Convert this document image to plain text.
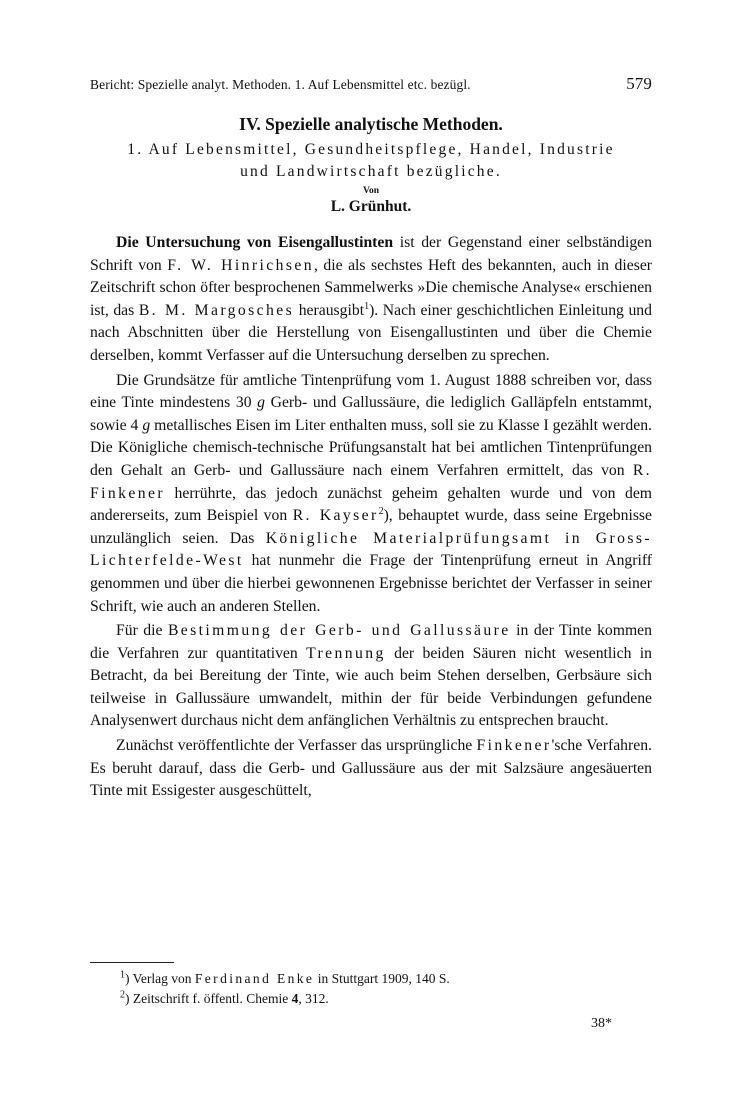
Bericht: Spezielle analyt. Methoden. 1. Auf Lebensmittel etc. bezügl.	579
IV. Spezielle analytische Methoden.
1. Auf Lebensmittel, Gesundheitspflege, Handel, Industrie
und Landwirtschaft bezügliche.
Von
L. Grünhut.

Die Untersuchung von Eisengallustinten ist der Gegenstand einer selbständigen Schrift von F. W. Hinrichsen, die als sechstes Heft des bekannten, auch in dieser Zeitschrift schon öfter besprochenen Sammelwerks »Die chemische Analyse« erschienen ist, das B. M. Margosches herausgibt$^1$). Nach einer geschichtlichen Einleitung und nach Abschnitten über die Herstellung von Eisengallustinten und über die Chemie derselben, kommt Verfasser auf die Untersuchung derselben zu sprechen.

Die Grundsätze für amtliche Tintenprüfung vom 1. August 1888 schreiben vor, dass eine Tinte mindestens 30 g Gerb- und Gallussäure, die lediglich Galläpfeln entstammt, sowie 4 g metallisches Eisen im Liter enthalten muss, soll sie zu Klasse I gezählt werden. Die Königliche chemisch-technische Prüfungsanstalt hat bei amtlichen Tintenprüfungen den Gehalt an Gerb- und Gallussäure nach einem Verfahren ermittelt, das von R. Finkener herrührte, das jedoch zunächst geheim gehalten wurde und von dem andererseits, zum Beispiel von R. Kayser$^2$), behauptet wurde, dass seine Ergebnisse unzulänglich seien. Das Königliche Materialprüfungsamt in Gross-Lichterfelde-West hat nunmehr die Frage der Tintenprüfung erneut in Angriff genommen und über die hierbei gewonnenen Ergebnisse berichtet der Verfasser in seiner Schrift, wie auch an anderen Stellen.

Für die Bestimmung der Gerb- und Gallussäure in der Tinte kommen die Verfahren zur quantitativen Trennung der beiden Säuren nicht wesentlich in Betracht, da bei Bereitung der Tinte, wie auch beim Stehen derselben, Gerbsäure sich teilweise in Gallussäure umwandelt, mithin der für beide Verbindungen gefundene Analysenwert durchaus nicht dem anfänglichen Verhältnis zu entsprechen braucht.

Zunächst veröffentlichte der Verfasser das ursprüngliche Finkener'sche Verfahren. Es beruht darauf, dass die Gerb- und Gallussäure aus der mit Salzsäure angesäuerten Tinte mit Essigester ausgeschüttelt,

$^1$) Verlag von Ferdinand Enke in Stuttgart 1909, 140 S.
$^2$) Zeitschrift f. öffentl. Chemie 4, 312.
38*
